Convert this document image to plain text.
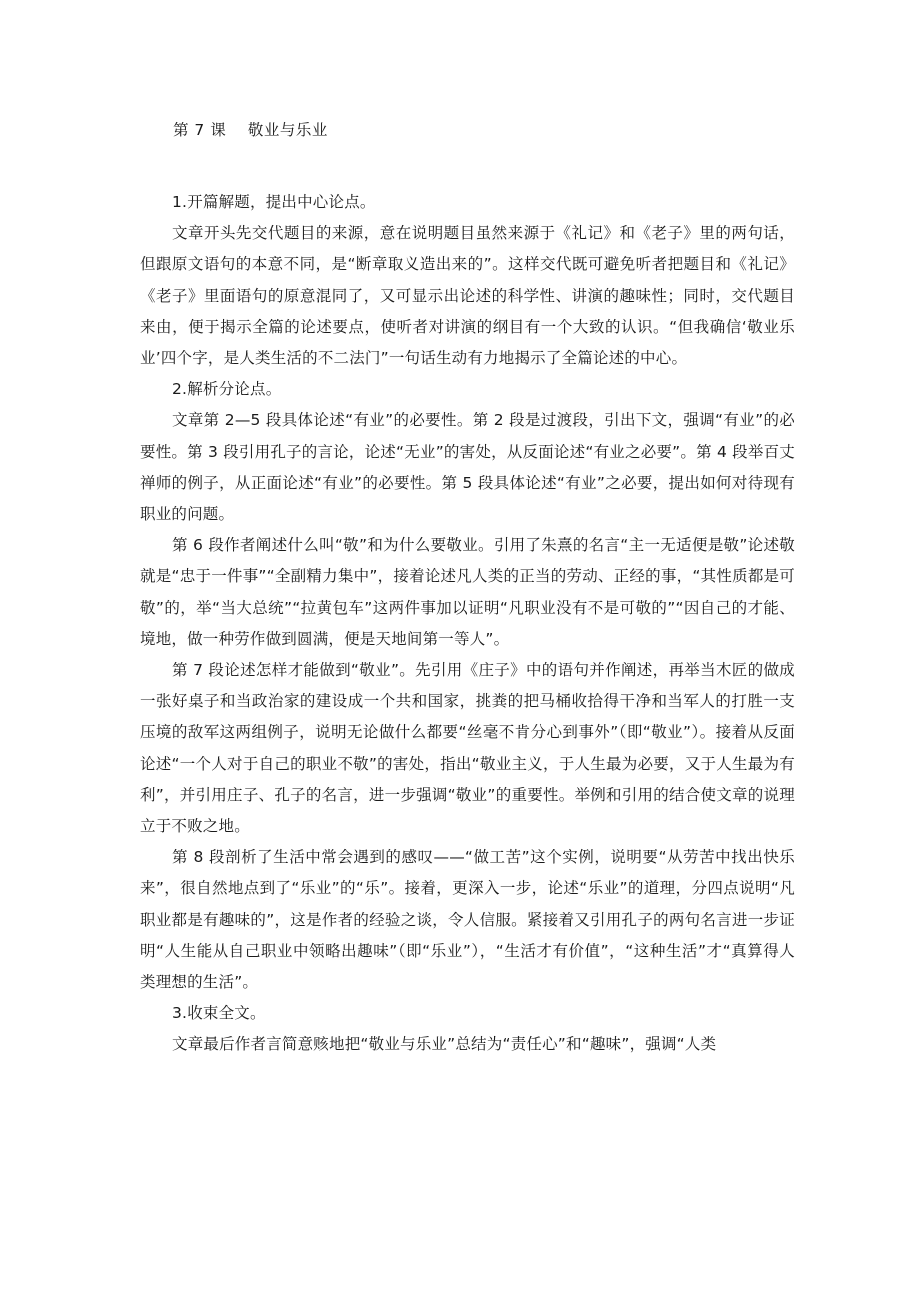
第 7 课    敬业与乐业

1.开篇解题，提出中心论点。

文章开头先交代题目的来源，意在说明题目虽然来源于《礼记》和《老子》里的两句话，但跟原文语句的本意不同，是“断章取义造出来的”。这样交代既可避免听者把题目和《礼记》《老子》里面语句的原意混同了，又可显示出论述的科学性、讲演的趣味性；同时，交代题目来由，便于揭示全篇的论述要点，使听者对讲演的纲目有一个大致的认识。“但我确信‘敬业乐业’四个字，是人类生活的不二法门”一句话生动有力地揭示了全篇论述的中心。

2.解析分论点。

文章第 2—5 段具体论述“有业”的必要性。第 2 段是过渡段，引出下文，强调“有业”的必要性。第 3 段引用孔子的言论，论述“无业”的害处，从反面论述“有业之必要”。第 4 段举百丈禅师的例子，从正面论述“有业”的必要性。第 5 段具体论述“有业”之必要，提出如何对待现有职业的问题。

第 6 段作者阐述什么叫“敬”和为什么要敬业。引用了朱熹的名言“主一无适便是敬”论述敬就是“忠于一件事”“全副精力集中”，接着论述凡人类的正当的劳动、正经的事，“其性质都是可敬”的，举“当大总统”“拉黄包车”这两件事加以证明“凡职业没有不是可敬的”“因自己的才能、境地，做一种劳作做到圆满，便是天地间第一等人”。

第 7 段论述怎样才能做到“敬业”。先引用《庄子》中的语句并作阐述，再举当木匠的做成一张好桌子和当政治家的建设成一个共和国家，挑粪的把马桶收拾得干净和当军人的打胜一支压境的敌军这两组例子，说明无论做什么都要“丝毫不肯分心到事外”（即“敬业”）。接着从反面论述“一个人对于自己的职业不敬”的害处，指出“敬业主义，于人生最为必要，又于人生最为有利”，并引用庄子、孔子的名言，进一步强调“敬业”的重要性。举例和引用的结合使文章的说理立于不败之地。

第 8 段剖析了生活中常会遇到的感叹——“做工苦”这个实例，说明要“从劳苦中找出快乐来”，很自然地点到了“乐业”的“乐”。接着，更深入一步，论述“乐业”的道理，分四点说明“凡职业都是有趣味的”，这是作者的经验之谈，令人信服。紧接着又引用孔子的两句名言进一步证明“人生能从自己职业中领略出趣味”（即“乐业”），“生活才有价值”，“这种生活”才“真算得人类理想的生活”。

3.收束全文。

文章最后作者言简意赅地把“敬业与乐业”总结为“责任心”和“趣味”，强调“人类
